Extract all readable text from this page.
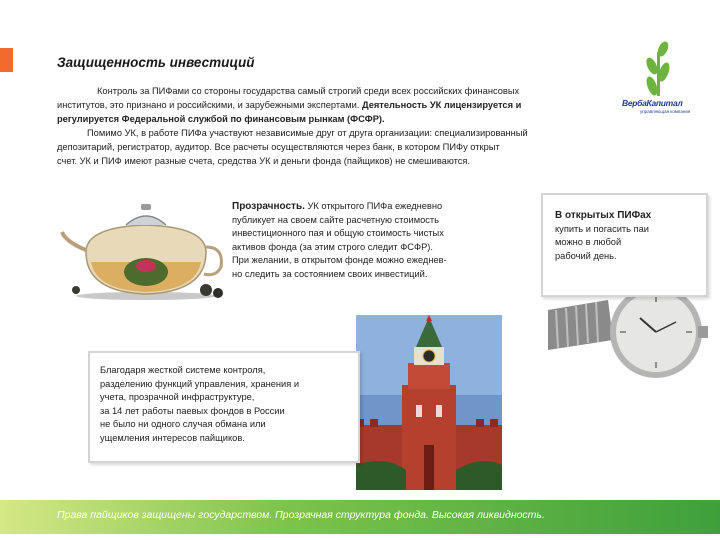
Защищенность инвестиций
ВербаКапитал
управляющая компания

Контроль за ПИФами со стороны государства самый строгий среди всех российских финансовых

институтов, это признано и российскими, и зарубежными экспертами. Деятельность УК лицензируется и

регулируется Федеральной службой по финансовым рынкам (ФСФР).

Помимо УК, в работе ПИФа участвуют независимые друг от друга организации: специализированный

депозитарий, регистратор, аудитор. Все расчеты осуществляются через банк, в котором ПИФу открыт

счет. УК и ПИФ имеют разные счета, средства УК и деньги фонда (пайщиков) не смешиваются.

Прозрачность. УК открытого ПИФа ежедневно
публикует на своем сайте расчетную стоимость
инвестиционного пая и общую стоимость чистых
активов фонда (за этим строго следит ФСФР).
При желании, в открытом фонде можно ежеднев-
но следить за состоянием своих инвестиций.
В открытых ПИФах
купить и погасить паи
можно в любой
рабочий день.
Благодаря жесткой системе контроля,
разделению функций управления, хранения и
учета, прозрачной инфраструктуре,
за 14 лет работы паевых фондов в России
не было ни одного случая обмана или
ущемления интересов пайщиков.
Права пайщиков защищены государством. Прозрачная структура фонда. Высокая ликвидность.
